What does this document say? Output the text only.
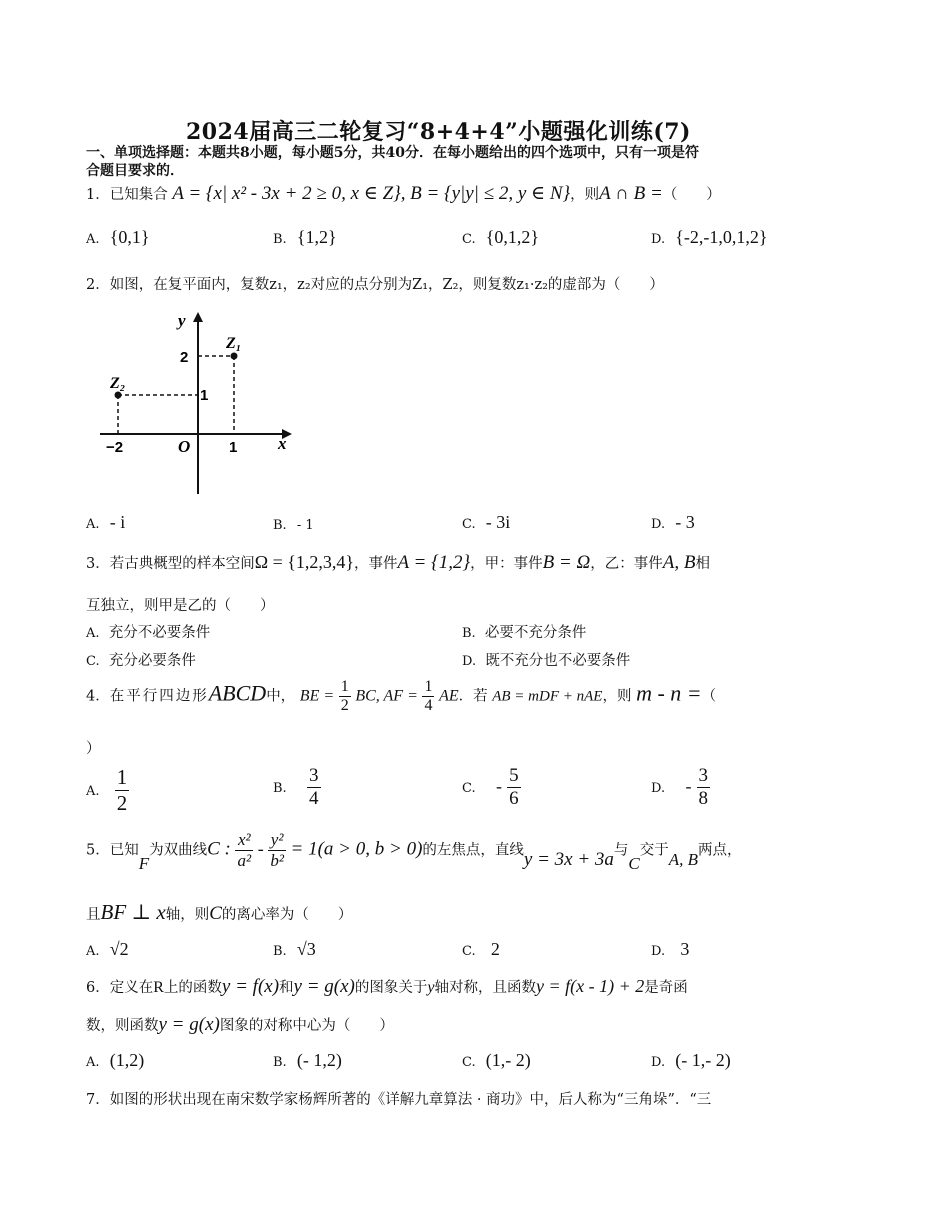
2024届高三二轮复习“8+4+4”小题强化训练(7)
一、单项选择题：本题共8小题，每小题5分，共40分．在每小题给出的四个选项中，只有一项是符
合题目要求的．
1．已知集合 A = {x| x² - 3x + 2 ≥ 0, x ∈ Z}, B = {y|y| ≤ 2, y ∈ N}，则A ∩ B =（　　）
A. {0,1}	B. {1,2}	C. {0,1,2}	D. {-2,-1,0,1,2}
2．如图，在复平面内，复数z₁，z₂对应的点分别为Z₁，Z₂，则复数z₁·z₂的虚部为（　　）
y
x
O
2
1
−2	1
Z₁
Z₂
A. - i	B. - 1	C. - 3i	D. - 3
3．若古典概型的样本空间Ω = {1,2,3,4}，事件A = {1,2}，甲：事件B = Ω，乙：事件A, B相
互独立，则甲是乙的（　　）
A. 充分不必要条件	B. 必要不充分条件
C. 充分必要条件	D. 既不充分也不必要条件
4．在平行四边形ABCD中， BE = $\frac{1}{2}$ BC, AF = $\frac{1}{4}$ AE．若 AB = mDF + nAE，则 m - n =（
）
A. $\frac{1}{2}$	B. $\frac{3}{4}$	C. - $\frac{5}{6}$	D. - $\frac{3}{8}$
5．已知F为双曲线C : $\frac{\text{x²}}{\text{a²}} - \frac{\text{y²}}{\text{b²}} = 1(a > 0$, b > 0)的左焦点，直线y = 3x + 3a与C交于A, B两点，
且BF ⊥ x轴，则C的离心率为（　　）
A. √2	B. √3	C. 2	D. 3
6．定义在R上的函数y = f(x)和y = g(x)的图象关于y轴对称，且函数y = f(x - 1) + 2是奇函
数，则函数y = g(x)图象的对称中心为（　　）
A. (1,2)	B. (- 1,2)	C. (1,- 2)	D. (- 1,- 2)
7．如图的形状出现在南宋数学家杨辉所著的《详解九章算法 · 商功》中，后人称为“三角垛”．“三
